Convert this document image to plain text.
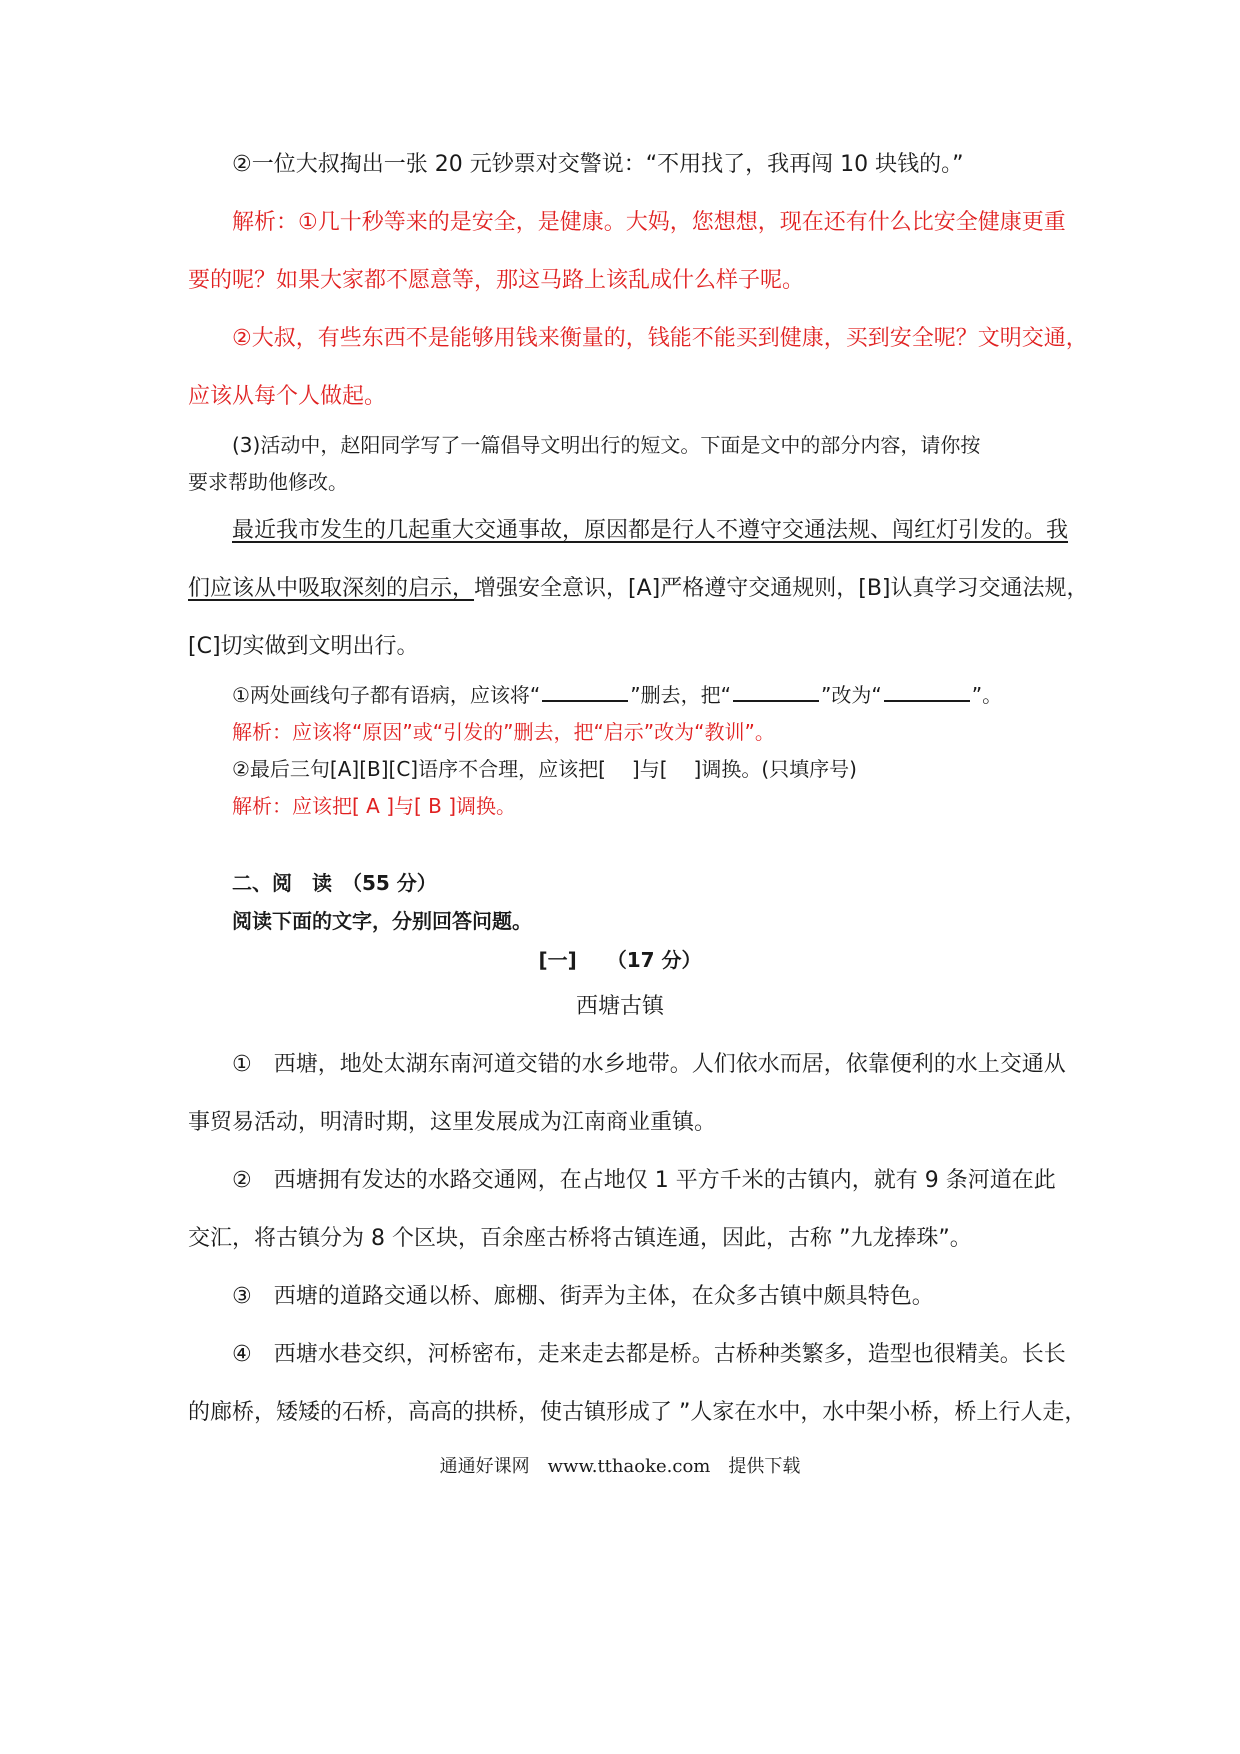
②一位大叔掏出一张 20 元钞票对交警说：“不用找了，我再闯 10 块钱的。”
解析：①几十秒等来的是安全，是健康。大妈，您想想，现在还有什么比安全健康更重
要的呢？如果大家都不愿意等，那这马路上该乱成什么样子呢。
②大叔，有些东西不是能够用钱来衡量的，钱能不能买到健康，买到安全呢？文明交通，
应该从每个人做起。
(3)活动中，赵阳同学写了一篇倡导文明出行的短文。下面是文中的部分内容，请你按
要求帮助他修改。
最近我市发生的几起重大交通事故，原因都是行人不遵守交通法规、闯红灯引发的。我
们应该从中吸取深刻的启示，增强安全意识，[A]严格遵守交通规则，[B]认真学习交通法规，
[C]切实做到文明出行。
①两处画线句子都有语病，应该将“	”删去，把“	”改为“	”。
解析：应该将“原因”或“引发的”删去，把“启示”改为“教训”。
②最后三句[A][B][C]语序不合理，应该把[ ]与[ ]调换。(只填序号)
解析：应该把[ A ]与[ B ]调换。
二、阅　读　（55 分）
阅读下面的文字，分别回答问题。
[一]　　（17 分）
西塘古镇
①　西塘，地处太湖东南河道交错的水乡地带。人们依水而居，依靠便利的水上交通从
事贸易活动，明清时期，这里发展成为江南商业重镇。
②　西塘拥有发达的水路交通网，在占地仅 1 平方千米的古镇内，就有 9 条河道在此
交汇，将古镇分为 8 个区块，百余座古桥将古镇连通，因此，古称 ”九龙捧珠”。
③　西塘的道路交通以桥、廊棚、街弄为主体，在众多古镇中颇具特色。
④　西塘水巷交织，河桥密布，走来走去都是桥。古桥种类繁多，造型也很精美。长长
的廊桥，矮矮的石桥，高高的拱桥，使古镇形成了 ”人家在水中，水中架小桥，桥上行人走，
通通好课网　www.tthaoke.com　提供下载
